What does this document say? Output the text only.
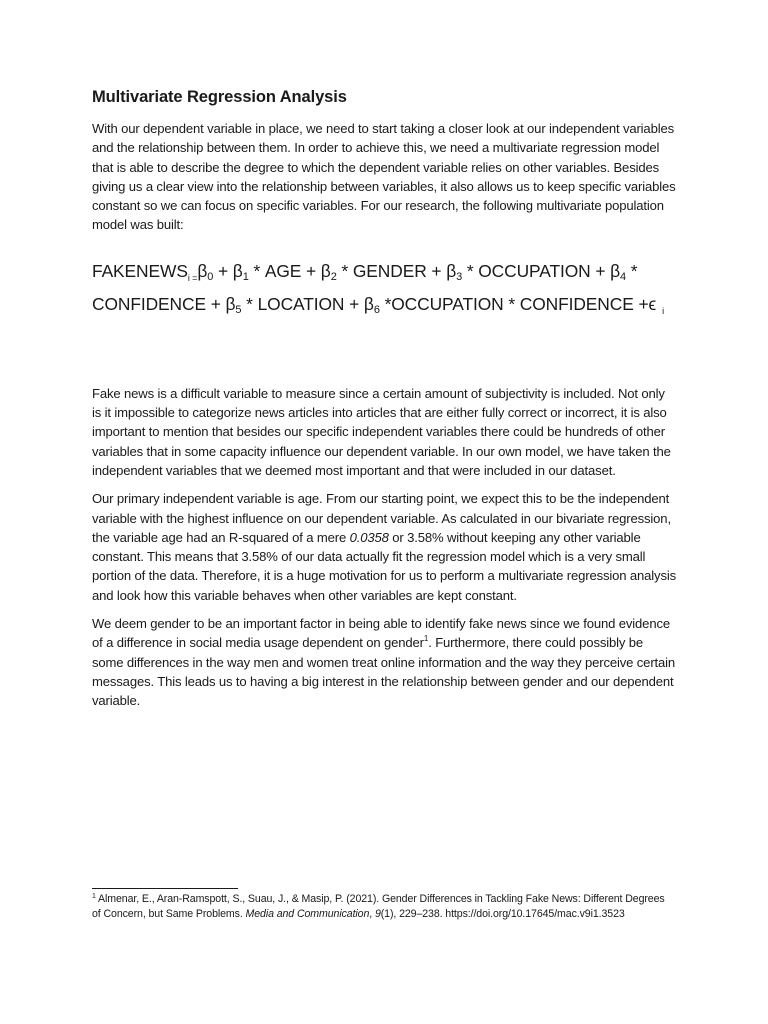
Multivariate Regression Analysis

With our dependent variable in place, we need to start taking a closer look at our independent variables and the relationship between them. In order to achieve this, we need a multivariate regression model that is able to describe the degree to which the dependent variable relies on other variables. Besides giving us a clear view into the relationship between variables, it also allows us to keep specific variables constant so we can focus on specific variables. For our research, the following multivariate population model was built:

$FAKENEWS_{i =}\beta_0 + \beta_1$ * AGE + $\beta_2$ * GENDER + $\beta_3$ * OCCUPATION + $\beta_4$ *
CONFIDENCE + $\beta_5$ * LOCATION + $\beta_6$ *OCCUPATION * CONFIDENCE +ϵ $_i$

Fake news is a difficult variable to measure since a certain amount of subjectivity is included. Not only is it impossible to categorize news articles into articles that are either fully correct or incorrect, it is also important to mention that besides our specific independent variables there could be hundreds of other variables that in some capacity influence our dependent variable. In our own model, we have taken the independent variables that we deemed most important and that were included in our dataset.

Our primary independent variable is age. From our starting point, we expect this to be the independent variable with the highest influence on our dependent variable. As calculated in our bivariate regression, the variable age had an R-squared of a mere 0.0358 or 3.58% without keeping any other variable constant. This means that 3.58% of our data actually fit the regression model which is a very small portion of the data. Therefore, it is a huge motivation for us to perform a multivariate regression analysis and look how this variable behaves when other variables are kept constant.

We deem gender to be an important factor in being able to identify fake news since we found evidence of a difference in social media usage dependent on gender$^1$. Furthermore, there could possibly be some differences in the way men and women treat online information and the way they perceive certain messages. This leads us to having a big interest in the relationship between gender and our dependent variable.

$^1$ Almenar, E., Aran-Ramspott, S., Suau, J., & Masip, P. (2021). Gender Differences in Tackling Fake News: Different Degrees of Concern, but Same Problems. Media and Communication, 9(1), 229–238. https://doi.org/10.17645/mac.v9i1.3523
